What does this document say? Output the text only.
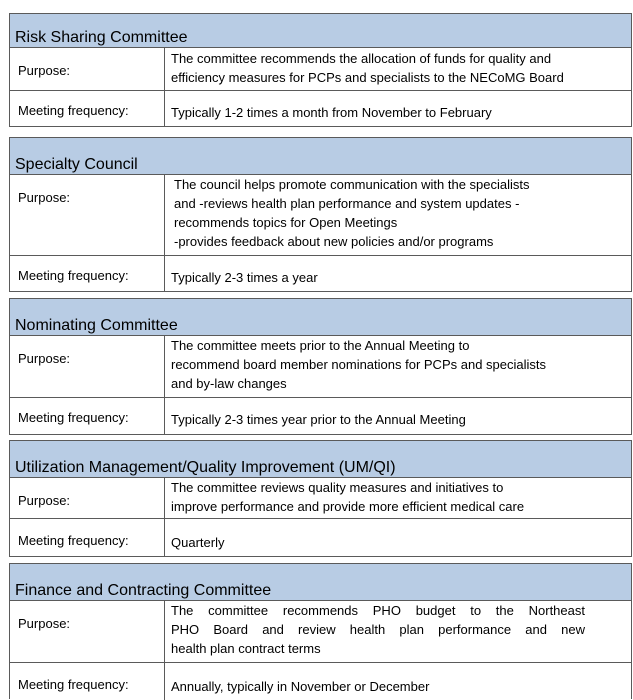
Risk Sharing Committee
Purpose:
The committee recommends the allocation of funds for quality and
efficiency measures for PCPs and specialists to the NECoMG Board
Meeting frequency:	Typically 1-2 times a month from November to February
Specialty Council
Purpose:
The council helps promote communication with the specialists
and -reviews health plan performance and system updates -
recommends topics for Open Meetings
-provides feedback about new policies and/or programs
Meeting frequency:	Typically 2-3 times a year
Nominating Committee
Purpose:
The committee meets prior to the Annual Meeting to
recommend board member nominations for PCPs and specialists
and by-law changes
Meeting frequency:	Typically 2-3 times year prior to the Annual Meeting
Utilization Management/Quality Improvement (UM/QI)
Purpose:
The committee reviews quality measures and initiatives to
improve performance and provide more efficient medical care
Meeting frequency:	Quarterly
Finance and Contracting Committee
Purpose:
The committee recommends PHO budget to the Northeast
PHO Board and review health plan performance and new
health plan contract terms
Meeting frequency:	Annually, typically in November or December
